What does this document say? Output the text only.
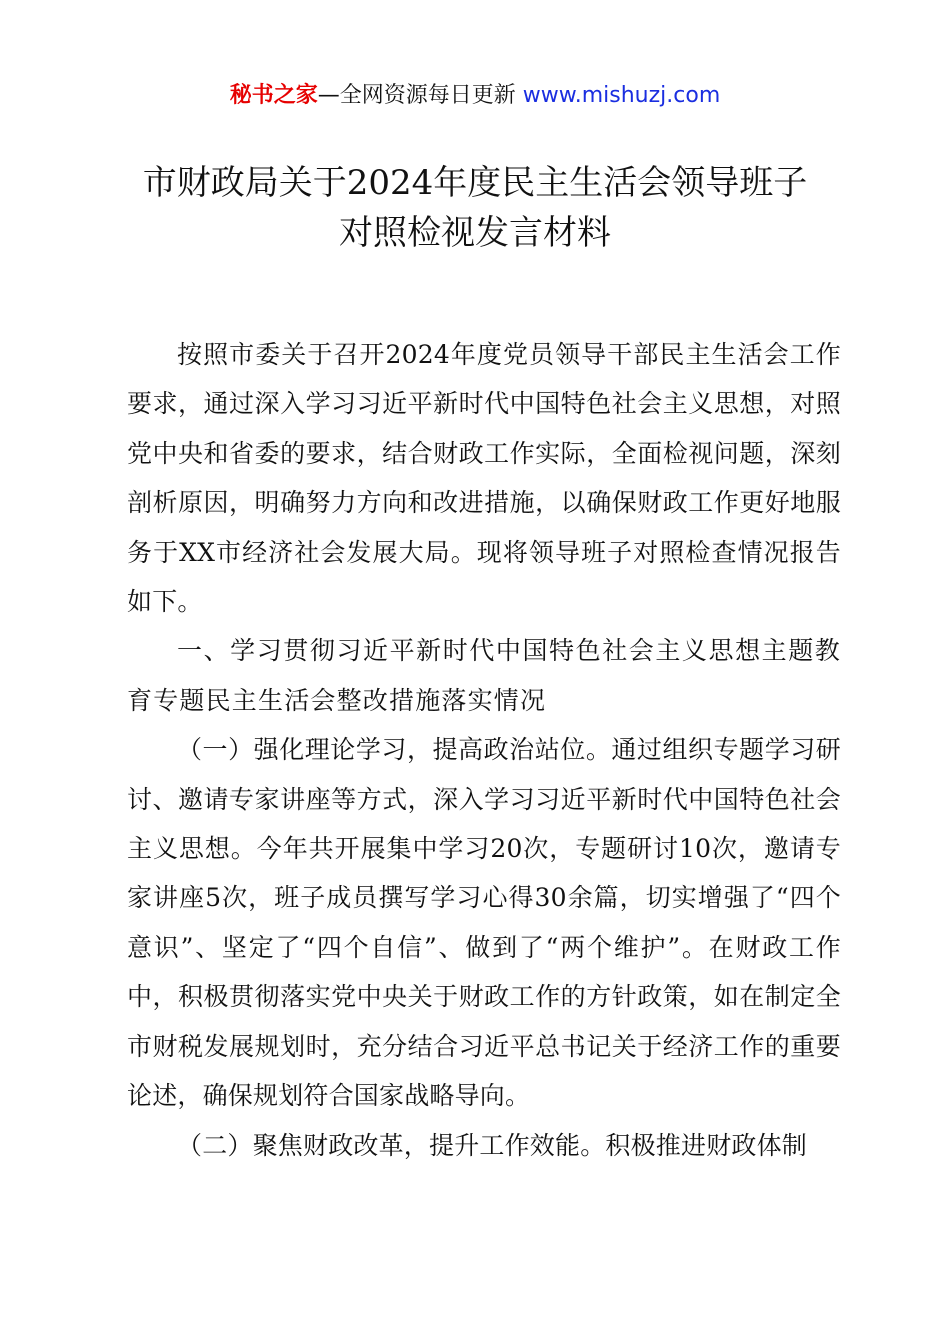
秘书之家—全网资源每日更新 www.mishuzj.com
市财政局关于2024年度民主生活会领导班子
对照检视发言材料

按照市委关于召开2024年度党员领导干部民主生活会工作要求，通过深入学习习近平新时代中国特色社会主义思想，对照党中央和省委的要求，结合财政工作实际，全面检视问题，深刻剖析原因，明确努力方向和改进措施，以确保财政工作更好地服务于XX市经济社会发展大局。现将领导班子对照检查情况报告如下。

一、学习贯彻习近平新时代中国特色社会主义思想主题教育专题民主生活会整改措施落实情况

（一）强化理论学习，提高政治站位。通过组织专题学习研讨、邀请专家讲座等方式，深入学习习近平新时代中国特色社会主义思想。今年共开展集中学习20次，专题研讨10次，邀请专家讲座5次，班子成员撰写学习心得30余篇，切实增强了“四个意识”、坚定了“四个自信”、做到了“两个维护”。在财政工作中，积极贯彻落实党中央关于财政工作的方针政策，如在制定全市财税发展规划时，充分结合习近平总书记关于经济工作的重要论述，确保规划符合国家战略导向。

（二）聚焦财政改革，提升工作效能。积极推进财政体制
